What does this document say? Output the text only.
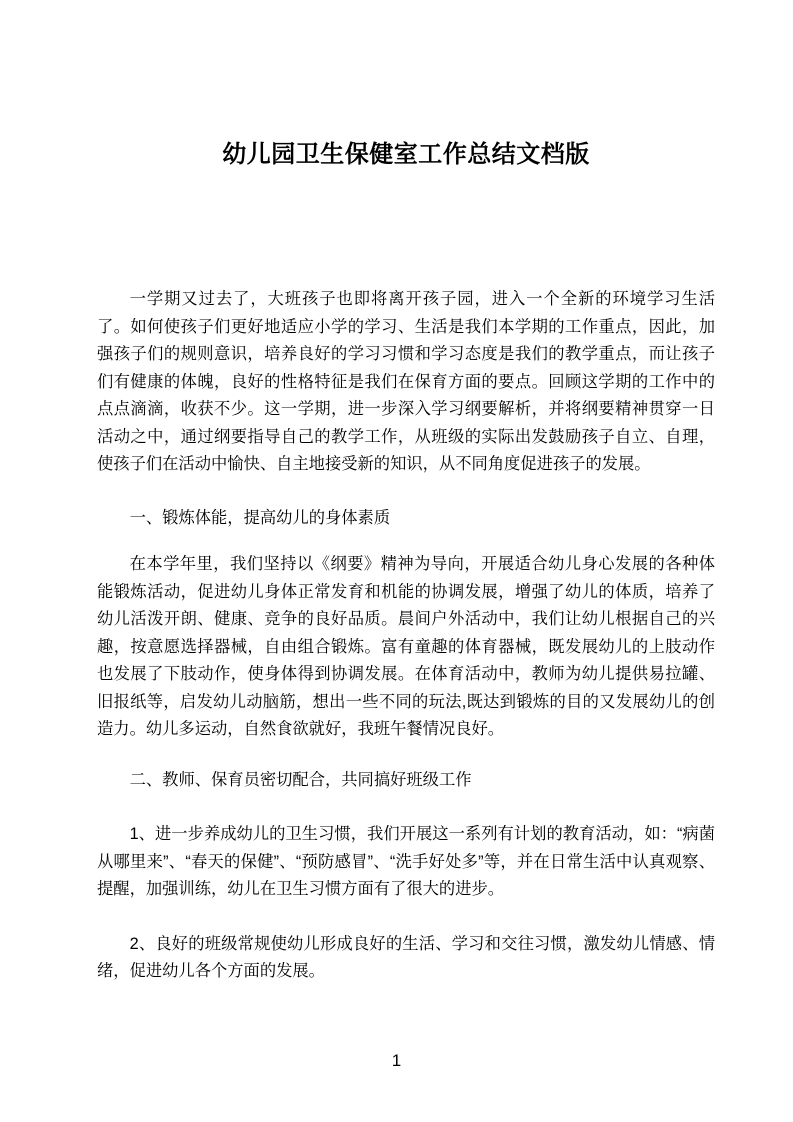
幼儿园卫生保健室工作总结文档版

一学期又过去了，大班孩子也即将离开孩子园，进入一个全新的环境学习生活了。如何使孩子们更好地适应小学的学习、生活是我们本学期的工作重点，因此，加强孩子们的规则意识，培养良好的学习习惯和学习态度是我们的教学重点，而让孩子们有健康的体魄，良好的性格特征是我们在保育方面的要点。回顾这学期的工作中的点点滴滴，收获不少。这一学期，进一步深入学习纲要解析，并将纲要精神贯穿一日活动之中，通过纲要指导自己的教学工作，从班级的实际出发鼓励孩子自立、自理，使孩子们在活动中愉快、自主地接受新的知识，从不同角度促进孩子的发展。

一、锻炼体能，提高幼儿的身体素质

在本学年里，我们坚持以《纲要》精神为导向，开展适合幼儿身心发展的各种体能锻炼活动，促进幼儿身体正常发育和机能的协调发展，增强了幼儿的体质，培养了幼儿活泼开朗、健康、竞争的良好品质。晨间户外活动中，我们让幼儿根据自己的兴趣，按意愿选择器械，自由组合锻炼。富有童趣的体育器械，既发展幼儿的上肢动作也发展了下肢动作，使身体得到协调发展。在体育活动中，教师为幼儿提供易拉罐、旧报纸等，启发幼儿动脑筋，想出一些不同的玩法,既达到锻炼的目的又发展幼儿的创造力。幼儿多运动，自然食欲就好，我班午餐情况良好。

二、教师、保育员密切配合，共同搞好班级工作

1、进一步养成幼儿的卫生习惯，我们开展这一系列有计划的教育活动，如：“病菌从哪里来”、“春天的保健”、“预防感冒”、“洗手好处多”等，并在日常生活中认真观察、提醒，加强训练，幼儿在卫生习惯方面有了很大的进步。

2、良好的班级常规使幼儿形成良好的生活、学习和交往习惯，激发幼儿情感、情绪，促进幼儿各个方面的发展。

1
